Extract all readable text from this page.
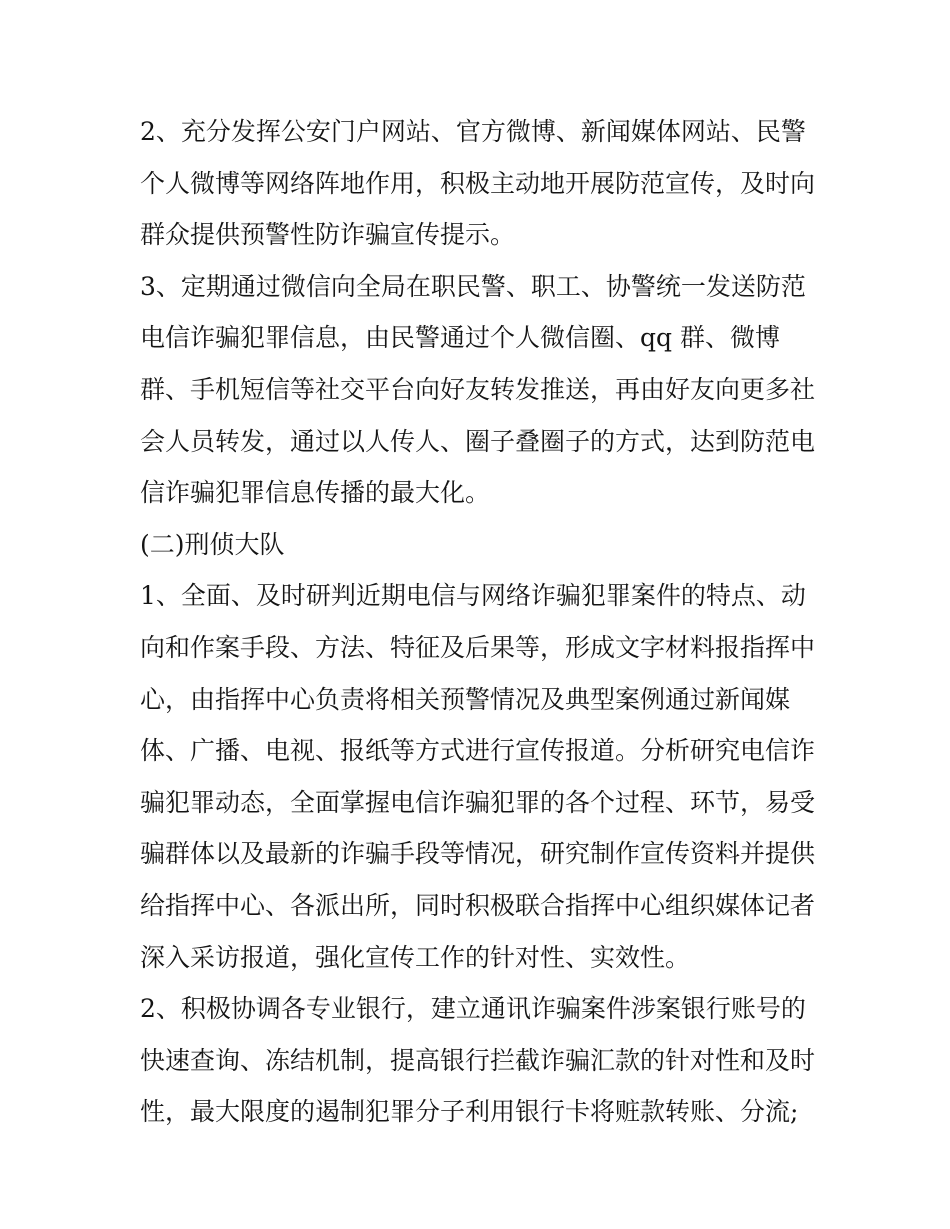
2、充分发挥公安门户网站、官方微博、新闻媒体网站、民警

个人微博等网络阵地作用，积极主动地开展防范宣传，及时向

群众提供预警性防诈骗宣传提示。

3、定期通过微信向全局在职民警、职工、协警统一发送防范

电信诈骗犯罪信息，由民警通过个人微信圈、qq 群、微博

群、手机短信等社交平台向好友转发推送，再由好友向更多社

会人员转发，通过以人传人、圈子叠圈子的方式，达到防范电

信诈骗犯罪信息传播的最大化。

(二)刑侦大队

1、全面、及时研判近期电信与网络诈骗犯罪案件的特点、动

向和作案手段、方法、特征及后果等，形成文字材料报指挥中

心，由指挥中心负责将相关预警情况及典型案例通过新闻媒

体、广播、电视、报纸等方式进行宣传报道。分析研究电信诈

骗犯罪动态，全面掌握电信诈骗犯罪的各个过程、环节，易受

骗群体以及最新的诈骗手段等情况，研究制作宣传资料并提供

给指挥中心、各派出所，同时积极联合指挥中心组织媒体记者

深入采访报道，强化宣传工作的针对性、实效性。

2、积极协调各专业银行，建立通讯诈骗案件涉案银行账号的

快速查询、冻结机制，提高银行拦截诈骗汇款的针对性和及时

性，最大限度的遏制犯罪分子利用银行卡将赃款转账、分流;
